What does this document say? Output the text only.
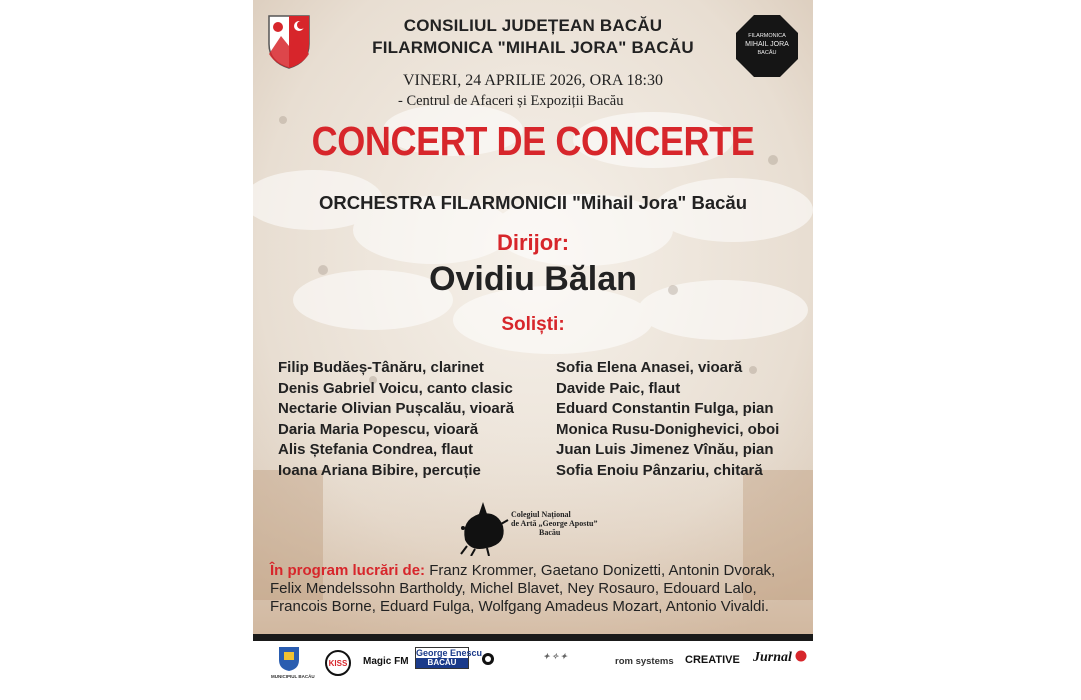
FILARMONICA
MIHAIL JORA
BACĂU
CONSILIUL JUDEȚEAN BACĂU
FILARMONICA "MIHAIL JORA" BACĂU
VINERI, 24 APRILIE 2026, ORA 18:30
- Centrul de Afaceri și Expoziții Bacău
CONCERT DE CONCERTE
ORCHESTRA FILARMONICII "Mihail Jora" Bacău
Dirijor:
Ovidiu Bălan
Soliști:
Filip Budăeș-Tânăru, clarinet
Denis Gabriel Voicu, canto clasic
Nectarie Olivian Pușcalău, vioară
Daria Maria Popescu, vioară
Alis Ștefania Condrea, flaut
Ioana Ariana Bibire, percuție
Sofia Elena Anasei, vioară
Davide Paic, flaut
Eduard Constantin Fulga, pian
Monica Rusu-Donighevici, oboi
Juan Luis Jimenez Vînău, pian
Sofia Enoiu Pânzariu, chitară
Colegiul Național
de Artă „George Apostu”
Bacău
În program lucrări de: Franz Krommer, Gaetano Donizetti, Antonin Dvorak,
Felix Mendelssohn Bartholdy, Michel Blavet, Ney Rosauro, Edouard Lalo,
Francois Borne, Eduard Fulga, Wolfgang Amadeus Mozart, Antonio Vivaldi.
MUNICIPIUL BACĂU
KISS Magic FM
George Enescu
BACĂU
✦ ✧ ✦	rom systems CREATIVE Jurnal
